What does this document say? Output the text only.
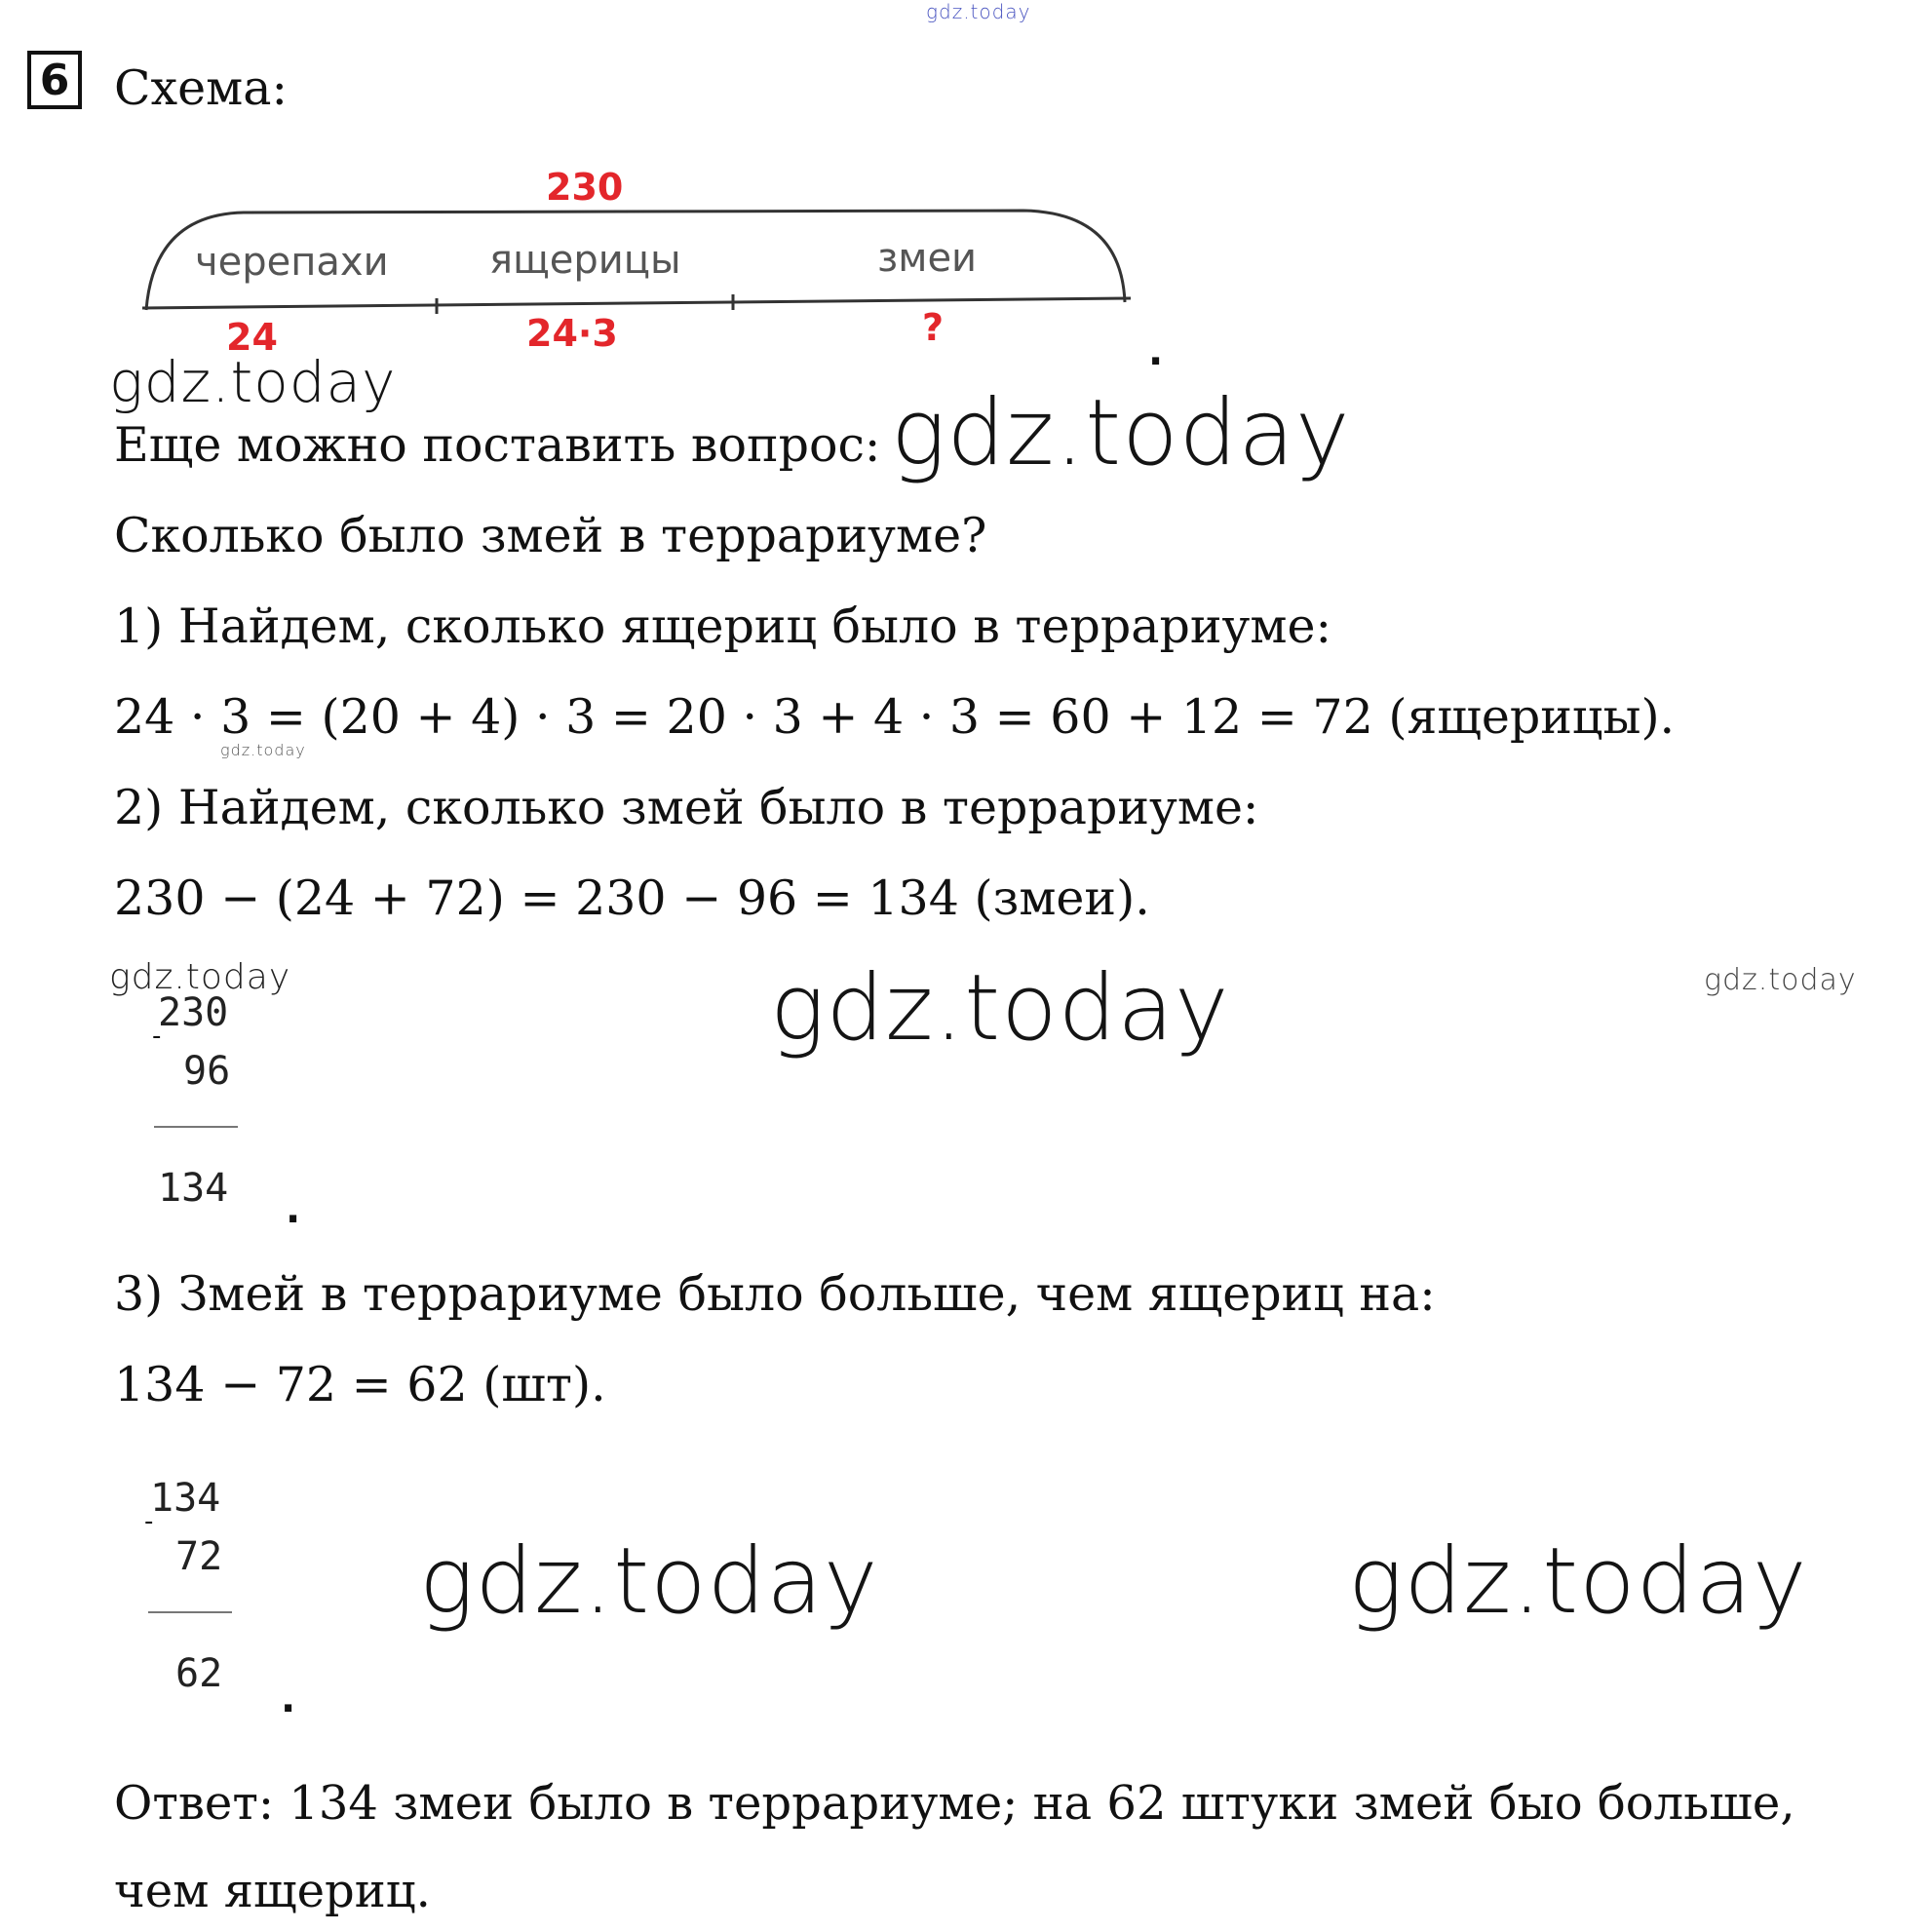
gdz.today
6 Схема:
230
черепахи	ящерицы	змеи
24	24·3	?
.
gdz.today
Еще можно поставить вопрос: gdz.today
Сколько было змей в террариуме?
1) Найдем, сколько ящериц было в террариуме:
24 · 3 = (20 + 4) · 3 = 20 · 3 + 4 · 3 = 60 + 12 = 72 (ящерицы).
gdz.today
2) Найдем, сколько змей было в террариуме:
230 − (24 + 72) = 230 − 96 = 134 (змеи).
gdz.today	gdz.today	gdz.today
230
-
96
134 .
3) Змей в террариуме было больше, чем ящериц на:
134 − 72 = 62 (шт).
134
-
72
62
.
gdz.today	gdz.today
Ответ: 134 змеи было в террариуме; на 62 штуки змей быо больше,
чем ящериц.
